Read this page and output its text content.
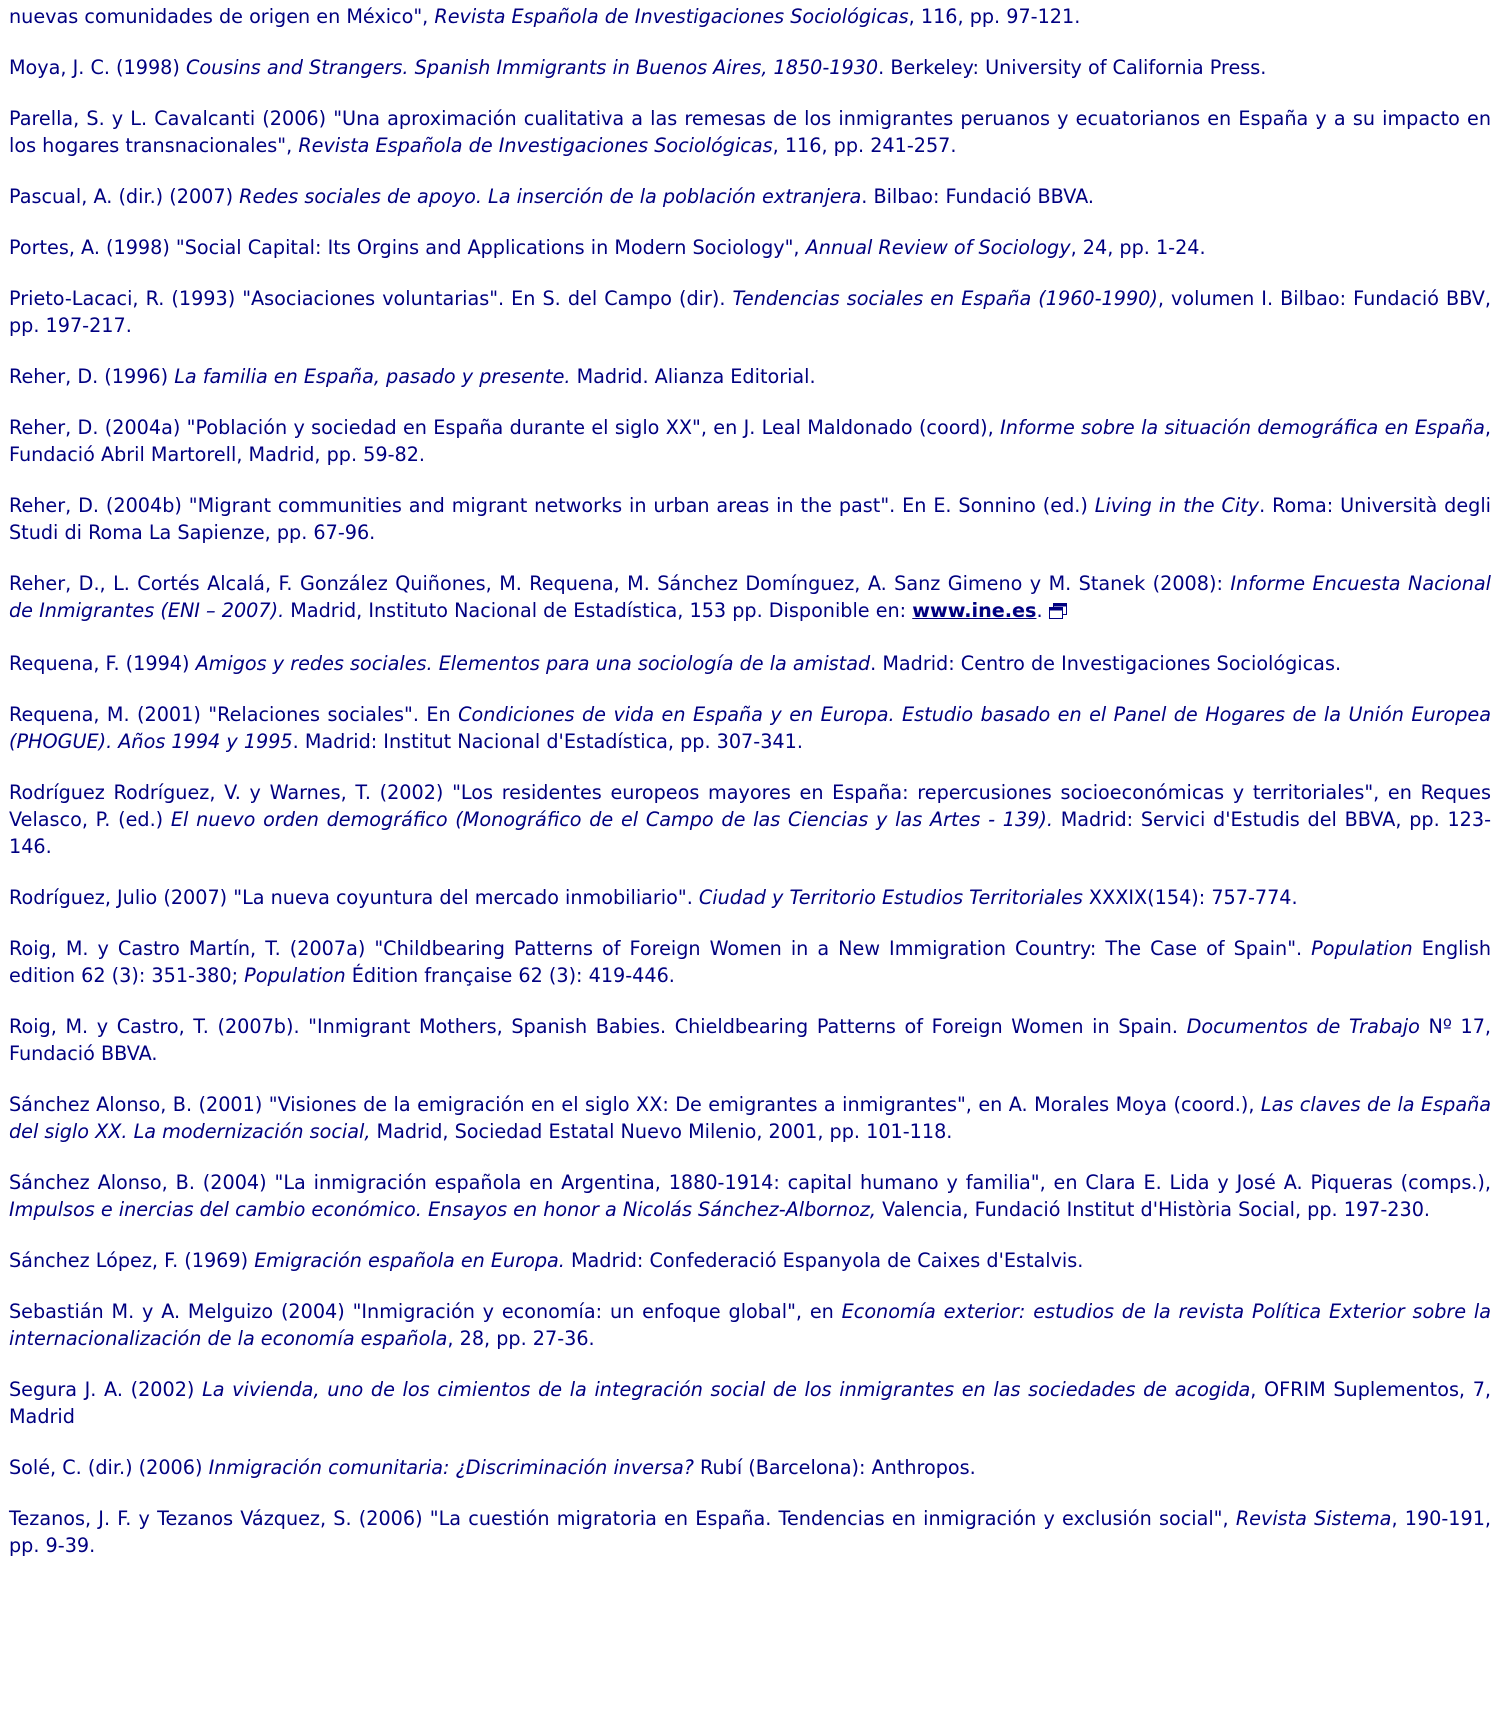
nuevas comunidades de origen en México", Revista Española de Investigaciones Sociológicas, 116, pp. 97-121.

Moya, J. C. (1998) Cousins and Strangers. Spanish Immigrants in Buenos Aires, 1850-1930. Berkeley: University of California Press.

Parella, S. y L. Cavalcanti (2006) "Una aproximación cualitativa a las remesas de los inmigrantes peruanos y ecuatorianos en España y a su impacto en los hogares transnacionales", Revista Española de Investigaciones Sociológicas, 116, pp. 241-257.

Pascual, A. (dir.) (2007) Redes sociales de apoyo. La inserción de la población extranjera. Bilbao: Fundació BBVA.

Portes, A. (1998) "Social Capital: Its Orgins and Applications in Modern Sociology", Annual Review of Sociology, 24, pp. 1-24.

Prieto-Lacaci, R. (1993) "Asociaciones voluntarias". En S. del Campo (dir). Tendencias sociales en España (1960-1990), volumen I. Bilbao: Fundació BBV, pp. 197-217.

Reher, D. (1996) La familia en España, pasado y presente. Madrid. Alianza Editorial.

Reher, D. (2004a) "Población y sociedad en España durante el siglo XX", en J. Leal Maldonado (coord), Informe sobre la situación demográfica en España, Fundació Abril Martorell, Madrid, pp. 59-82.

Reher, D. (2004b) "Migrant communities and migrant networks in urban areas in the past". En E. Sonnino (ed.) Living in the City. Roma: Università degli Studi di Roma La Sapienze, pp. 67-96.

Reher, D., L. Cortés Alcalá, F. González Quiñones, M. Requena, M. Sánchez Domínguez, A. Sanz Gimeno y M. Stanek (2008): Informe Encuesta Nacional de Inmigrantes (ENI – 2007). Madrid, Instituto Nacional de Estadística, 153 pp. Disponible en: www.ine.es.

Requena, F. (1994) Amigos y redes sociales. Elementos para una sociología de la amistad. Madrid: Centro de Investigaciones Sociológicas.

Requena, M. (2001) "Relaciones sociales". En Condiciones de vida en España y en Europa. Estudio basado en el Panel de Hogares de la Unión Europea (PHOGUE). Años 1994 y 1995. Madrid: Institut Nacional d'Estadística, pp. 307-341.

Rodríguez Rodríguez, V. y Warnes, T. (2002) "Los residentes europeos mayores en España: repercusiones socioeconómicas y territoriales", en Reques Velasco, P. (ed.) El nuevo orden demográfico (Monográfico de el Campo de las Ciencias y las Artes - 139). Madrid: Servici d'Estudis del BBVA, pp. 123-146.

Rodríguez, Julio (2007) "La nueva coyuntura del mercado inmobiliario". Ciudad y Territorio Estudios Territoriales XXXIX(154): 757-774.

Roig, M. y Castro Martín, T. (2007a) "Childbearing Patterns of Foreign Women in a New Immigration Country: The Case of Spain". Population English edition 62 (3): 351-380; Population Édition française 62 (3): 419-446.

Roig, M. y Castro, T. (2007b). "Inmigrant Mothers, Spanish Babies. Chieldbearing Patterns of Foreign Women in Spain. Documentos de Trabajo Nº 17, Fundació BBVA.

Sánchez Alonso, B. (2001) "Visiones de la emigración en el siglo XX: De emigrantes a inmigrantes", en A. Morales Moya (coord.), Las claves de la España del siglo XX. La modernización social, Madrid, Sociedad Estatal Nuevo Milenio, 2001, pp. 101-118.

Sánchez Alonso, B. (2004) "La inmigración española en Argentina, 1880-1914: capital humano y familia", en Clara E. Lida y José A. Piqueras (comps.), Impulsos e inercias del cambio económico. Ensayos en honor a Nicolás Sánchez-Albornoz, Valencia, Fundació Institut d'Història Social, pp. 197-230.

Sánchez López, F. (1969) Emigración española en Europa. Madrid: Confederació Espanyola de Caixes d'Estalvis.

Sebastián M. y A. Melguizo (2004) "Inmigración y economía: un enfoque global", en Economía exterior: estudios de la revista Política Exterior sobre la internacionalización de la economía española, 28, pp. 27-36.

Segura J. A. (2002) La vivienda, uno de los cimientos de la integración social de los inmigrantes en las sociedades de acogida, OFRIM Suplementos, 7, Madrid

Solé, C. (dir.) (2006) Inmigración comunitaria: ¿Discriminación inversa? Rubí (Barcelona): Anthropos.

Tezanos, J. F. y Tezanos Vázquez, S. (2006) "La cuestión migratoria en España. Tendencias en inmigración y exclusión social", Revista Sistema, 190-191, pp. 9-39.
